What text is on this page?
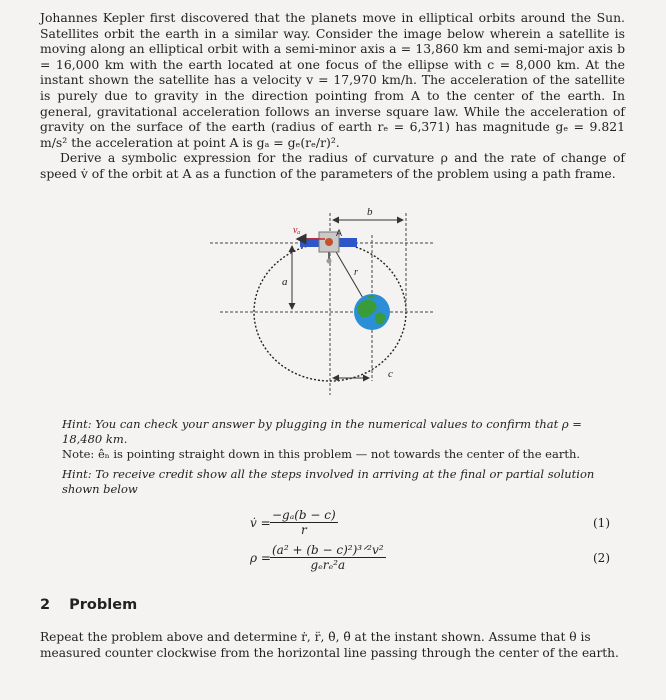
Johannes Kepler first discovered that the planets move in elliptical orbits around the Sun. Satellites orbit the earth in a similar way. Consider the image below wherein a satellite is moving along an elliptical orbit with a semi-minor axis a = 13,860 km and semi-major axis b = 16,000 km with the earth located at one focus of the ellipse with c = 8,000 km. At the instant shown the satellite has a velocity v = 17,970 km/h. The acceleration of the satellite is purely due to gravity in the direction pointing from A to the center of the earth. In general, gravitational acceleration follows an inverse square law. While the acceleration of gravity on the surface of the earth (radius of earth rₑ = 6,371) has magnitude gₑ = 9.821 m/s² the acceleration at point A is gₐ = gₑ(rₑ/r)².

Derive a symbolic expression for the radius of curvature ρ and the rate of change of speed v̇ of the orbit at A as a function of the parameters of the problem using a path frame.

b
a
c
r
vₐ	A
Hint: You can check your answer by plugging in the numerical values to confirm that ρ = 18,480 km.
Note: êₙ is pointing straight down in this problem — not towards the center of the earth.
Hint: To receive credit show all the steps involved in arriving at the final or partial solution shown below
v̇ = $\frac{\text{−gₐ(b − c)}}{r}$	(1)
ρ =
(a² + (b − c)²)³ᐟ²v²
gₑrₑ²a	(2)
2 Problem
Repeat the problem above and determine ṙ, r̈, θ̇, θ̈ at the instant shown. Assume that θ is measured counter clockwise from the horizontal line passing through the center of the earth.
